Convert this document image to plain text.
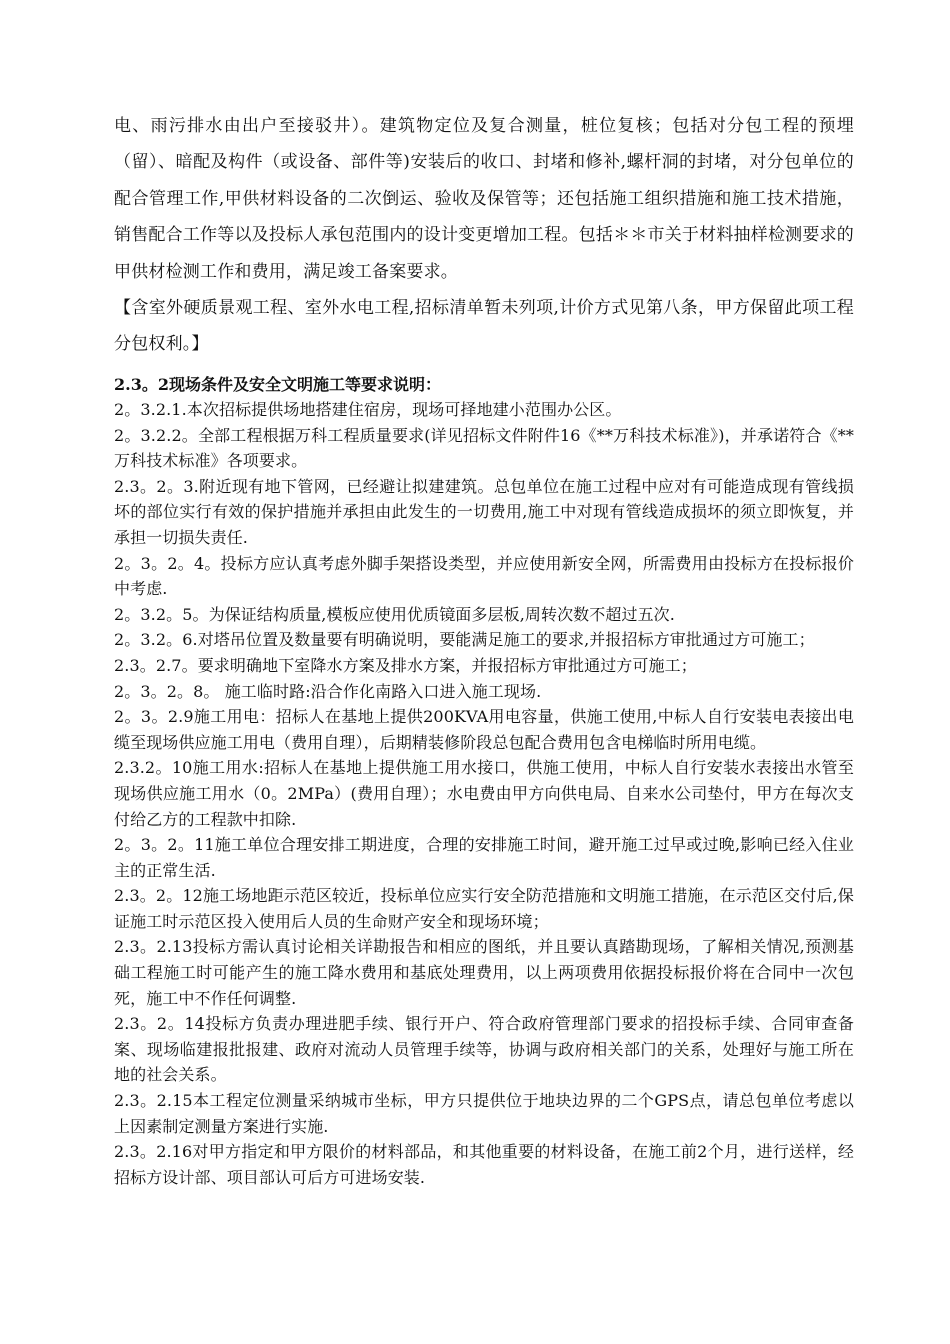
电、雨污排水由出户至接驳井）。建筑物定位及复合测量，桩位复核；包括对分包工程的预埋（留）、暗配及构件（或设备、部件等)安装后的收口、封堵和修补,螺杆洞的封堵，对分包单位的配合管理工作,甲供材料设备的二次倒运、验收及保管等；还包括施工组织措施和施工技术措施，销售配合工作等以及投标人承包范围内的设计变更增加工程。包括＊＊市关于材料抽样检测要求的甲供材检测工作和费用，满足竣工备案要求。

【含室外硬质景观工程、室外水电工程,招标清单暂未列项,计价方式见第八条，甲方保留此项工程分包权利。】

2.3。2现场条件及安全文明施工等要求说明：

2。3.2.1.本次招标提供场地搭建住宿房，现场可择地建小范围办公区。

2。3.2.2。全部工程根据万科工程质量要求(详见招标文件附件16《**万科技术标准》)，并承诺符合《**万科技术标准》各项要求。

2.3。2。3.附近现有地下管网，已经避让拟建建筑。总包单位在施工过程中应对有可能造成现有管线损坏的部位实行有效的保护措施并承担由此发生的一切费用,施工中对现有管线造成损坏的须立即恢复，并承担一切损失责任.

2。3。2。4。投标方应认真考虑外脚手架搭设类型，并应使用新安全网，所需费用由投标方在投标报价中考虑.

2。3.2。5。为保证结构质量,模板应使用优质镜面多层板,周转次数不超过五次.

2。3.2。6.对塔吊位置及数量要有明确说明，要能满足施工的要求,并报招标方审批通过方可施工；

2.3。2.7。要求明确地下室降水方案及排水方案，并报招标方审批通过方可施工；

2。3。2。8。 施工临时路:沿合作化南路入口进入施工现场.

2。3。2.9施工用电：招标人在基地上提供200KVA用电容量，供施工使用,中标人自行安装电表接出电缆至现场供应施工用电（费用自理），后期精装修阶段总包配合费用包含电梯临时所用电缆。

2.3.2。10施工用水:招标人在基地上提供施工用水接口，供施工使用，中标人自行安装水表接出水管至现场供应施工用水（0。2MPa）(费用自理）；水电费由甲方向供电局、自来水公司垫付，甲方在每次支付给乙方的工程款中扣除.

2。3。2。11施工单位合理安排工期进度，合理的安排施工时间，避开施工过早或过晚,影响已经入住业主的正常生活.

2.3。2。12施工场地距示范区较近，投标单位应实行安全防范措施和文明施工措施，在示范区交付后,保证施工时示范区投入使用后人员的生命财产安全和现场环境；

2.3。2.13投标方需认真讨论相关详勘报告和相应的图纸，并且要认真踏勘现场，了解相关情况,预测基础工程施工时可能产生的施工降水费用和基底处理费用，以上两项费用依据投标报价将在合同中一次包死，施工中不作任何调整.

2.3。2。14投标方负责办理进肥手续、银行开户、符合政府管理部门要求的招投标手续、合同审查备案、现场临建报批报建、政府对流动人员管理手续等，协调与政府相关部门的关系，处理好与施工所在地的社会关系。

2.3。2.15本工程定位测量采纳城市坐标，甲方只提供位于地块边界的二个GPS点，请总包单位考虑以上因素制定测量方案进行实施.

2.3。2.16对甲方指定和甲方限价的材料部品，和其他重要的材料设备，在施工前2个月，进行送样，经招标方设计部、项目部认可后方可进场安装.
